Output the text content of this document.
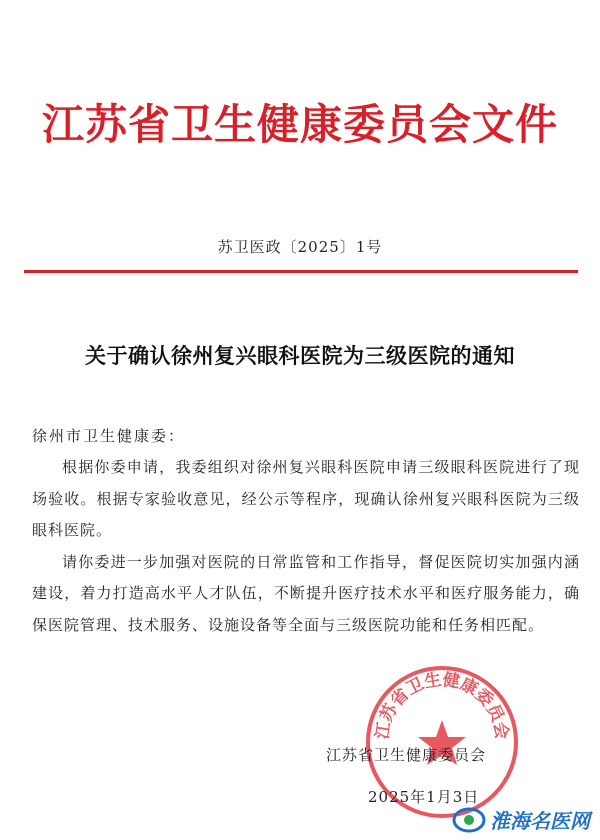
江苏省卫生健康委员会文件
苏卫医政〔2025〕1号
关于确认徐州复兴眼科医院为三级医院的通知
徐州市卫生健康委：

根据你委申请，我委组织对徐州复兴眼科医院申请三级眼科医院进行了现场验收。根据专家验收意见，经公示等程序，现确认徐州复兴眼科医院为三级眼科医院。

请你委进一步加强对医院的日常监管和工作指导，督促医院切实加强内涵建设，着力打造高水平人才队伍，不断提升医疗技术水平和医疗服务能力，确保医院管理、技术服务、设施设备等全面与三级医院功能和任务相匹配。

江苏省卫生健康委员会
江苏省卫生健康委员会
2025年1月3日
淮海名医网
